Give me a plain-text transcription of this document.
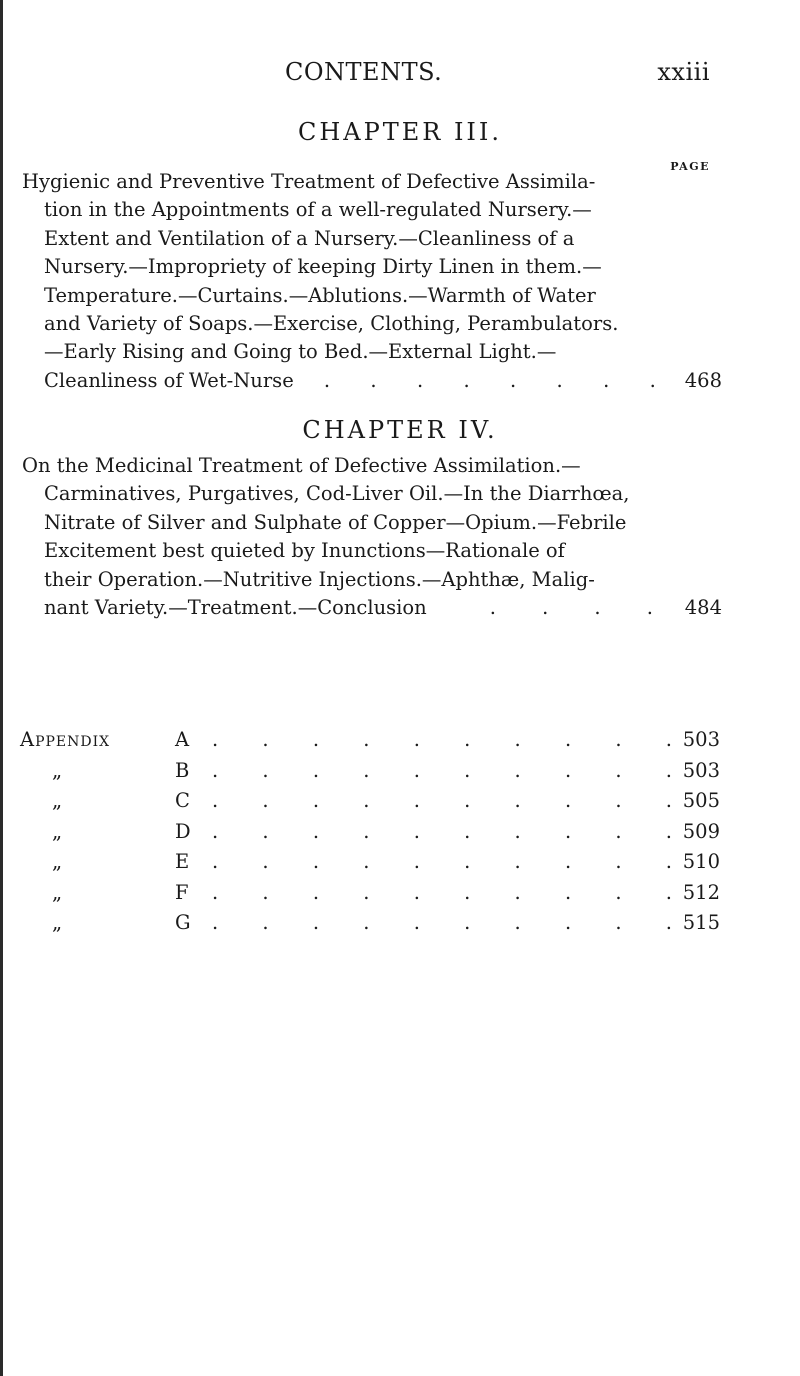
CONTENTS.	xxiii
CHAPTER III.
PAGE
Hygienic and Preventive Treatment of Defective Assimila-
tion in the Appointments of a well-regulated Nursery.—
Extent and Ventilation of a Nursery.—Cleanliness of a
Nursery.—Impropriety of keeping Dirty Linen in them.—
Temperature.—Curtains.—Ablutions.—Warmth of Water
and Variety of Soaps.—Exercise, Clothing, Perambulators.
—Early Rising and Going to Bed.—External Light.—
Cleanliness of Wet-Nurse . . . . . . . . 468
CHAPTER IV.
On the Medicinal Treatment of Defective Assimilation.—
Carminatives, Purgatives, Cod-Liver Oil.—In the Diarrhœa,
Nitrate of Silver and Sulphate of Copper—Opium.—Febrile
Excitement best quieted by Inunctions—Rationale of
their Operation.—Nutritive Injections.—Aphthæ, Malig-
nant Variety.—Treatment.—Conclusion	. . . . 484
Appendix	A	. . . . . . . . . . 503
„	B	. . . . . . . . . . 503
„	C	. . . . . . . . . . 505
„	D	. . . . . . . . . . 509
„	E	. . . . . . . . . . 510
„	F	. . . . . . . . . . 512
„	G	. . . . . . . . . . 515
